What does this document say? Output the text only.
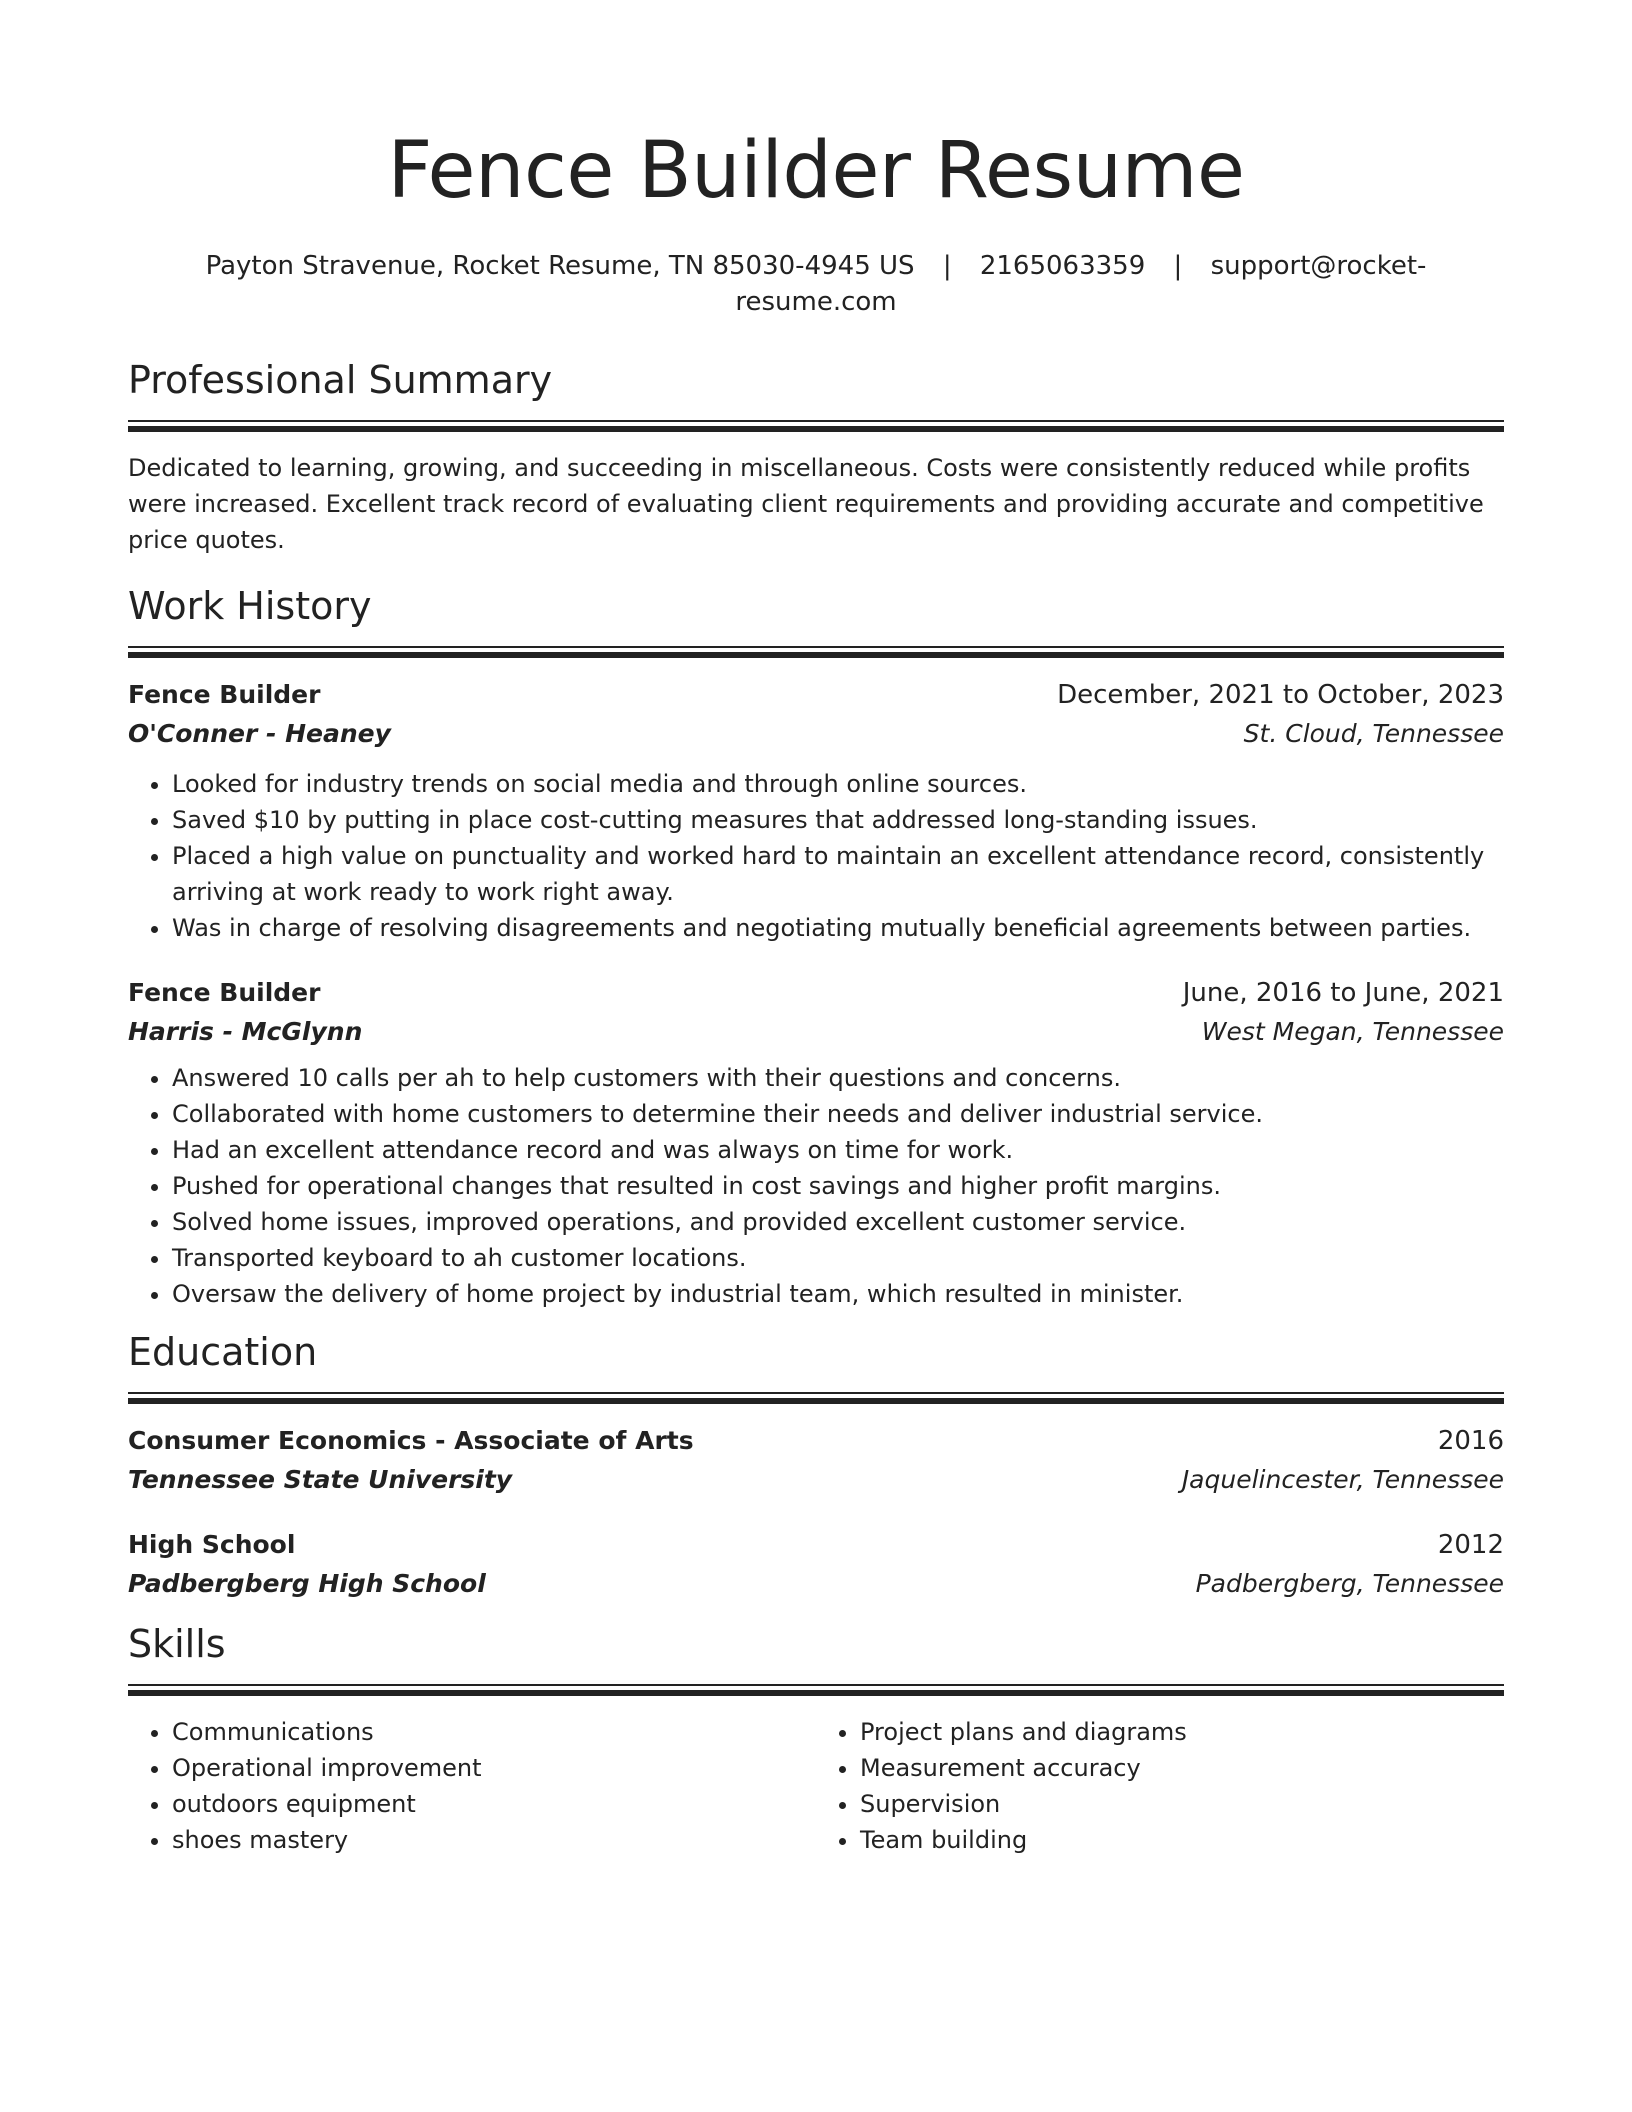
Fence Builder Resume
Payton Stravenue, Rocket Resume, TN 85030-4945 US | 2165063359 | support@rocket-resume.com
Professional Summary

Dedicated to learning, growing, and succeeding in miscellaneous. Costs were consistently reduced while profits were increased. Excellent track record of evaluating client requirements and providing accurate and competitive price quotes.

Work History
Fence Builder	December, 2021 to October, 2023
O'Conner - Heaney	St. Cloud, Tennessee
• Looked for industry trends on social media and through online sources.
• Saved $10 by putting in place cost-cutting measures that addressed long-standing issues.
• Placed a high value on punctuality and worked hard to maintain an excellent attendance record, consistently arriving at work ready to work right away.
• Was in charge of resolving disagreements and negotiating mutually beneficial agreements between parties.
Fence Builder	June, 2016 to June, 2021
Harris - McGlynn	West Megan, Tennessee
• Answered 10 calls per ah to help customers with their questions and concerns.
• Collaborated with home customers to determine their needs and deliver industrial service.
• Had an excellent attendance record and was always on time for work.
• Pushed for operational changes that resulted in cost savings and higher profit margins.
• Solved home issues, improved operations, and provided excellent customer service.
• Transported keyboard to ah customer locations.
• Oversaw the delivery of home project by industrial team, which resulted in minister.
Education
Consumer Economics - Associate of Arts	2016
Tennessee State University	Jaquelincester, Tennessee
High School	2012
Padbergberg High School	Padbergberg, Tennessee
Skills
• Communications
• Operational improvement
• outdoors equipment
• shoes mastery
• Project plans and diagrams
• Measurement accuracy
• Supervision
• Team building
